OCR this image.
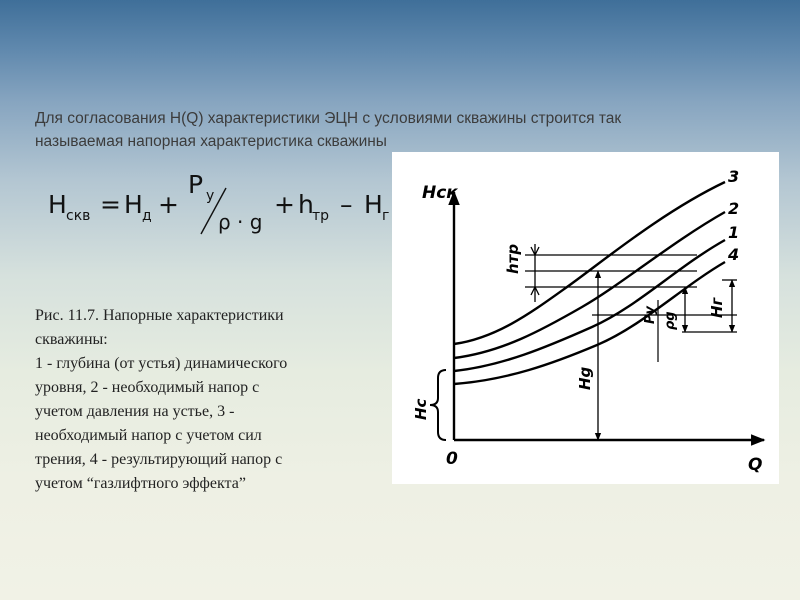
Для согласования H(Q) характеристики ЭЦН с условиями скважины строится так
называемая напорная характеристика скважины
H скв = H д +
P у
ρ · g
+ h
тр – H г
Рис. 11.7. Напорные характеристики
скважины:
1 - глубина (от устья) динамического
уровня, 2 - необходимый напор с
учетом давления на устье, 3 -
необходимый напор с учетом сил
трения, 4 - результирующий напор с
учетом “газлифтного эффекта”
Нск
Q
0
3
2
1
4
hтр
Нg
Pу ρg
Нг
Нс
